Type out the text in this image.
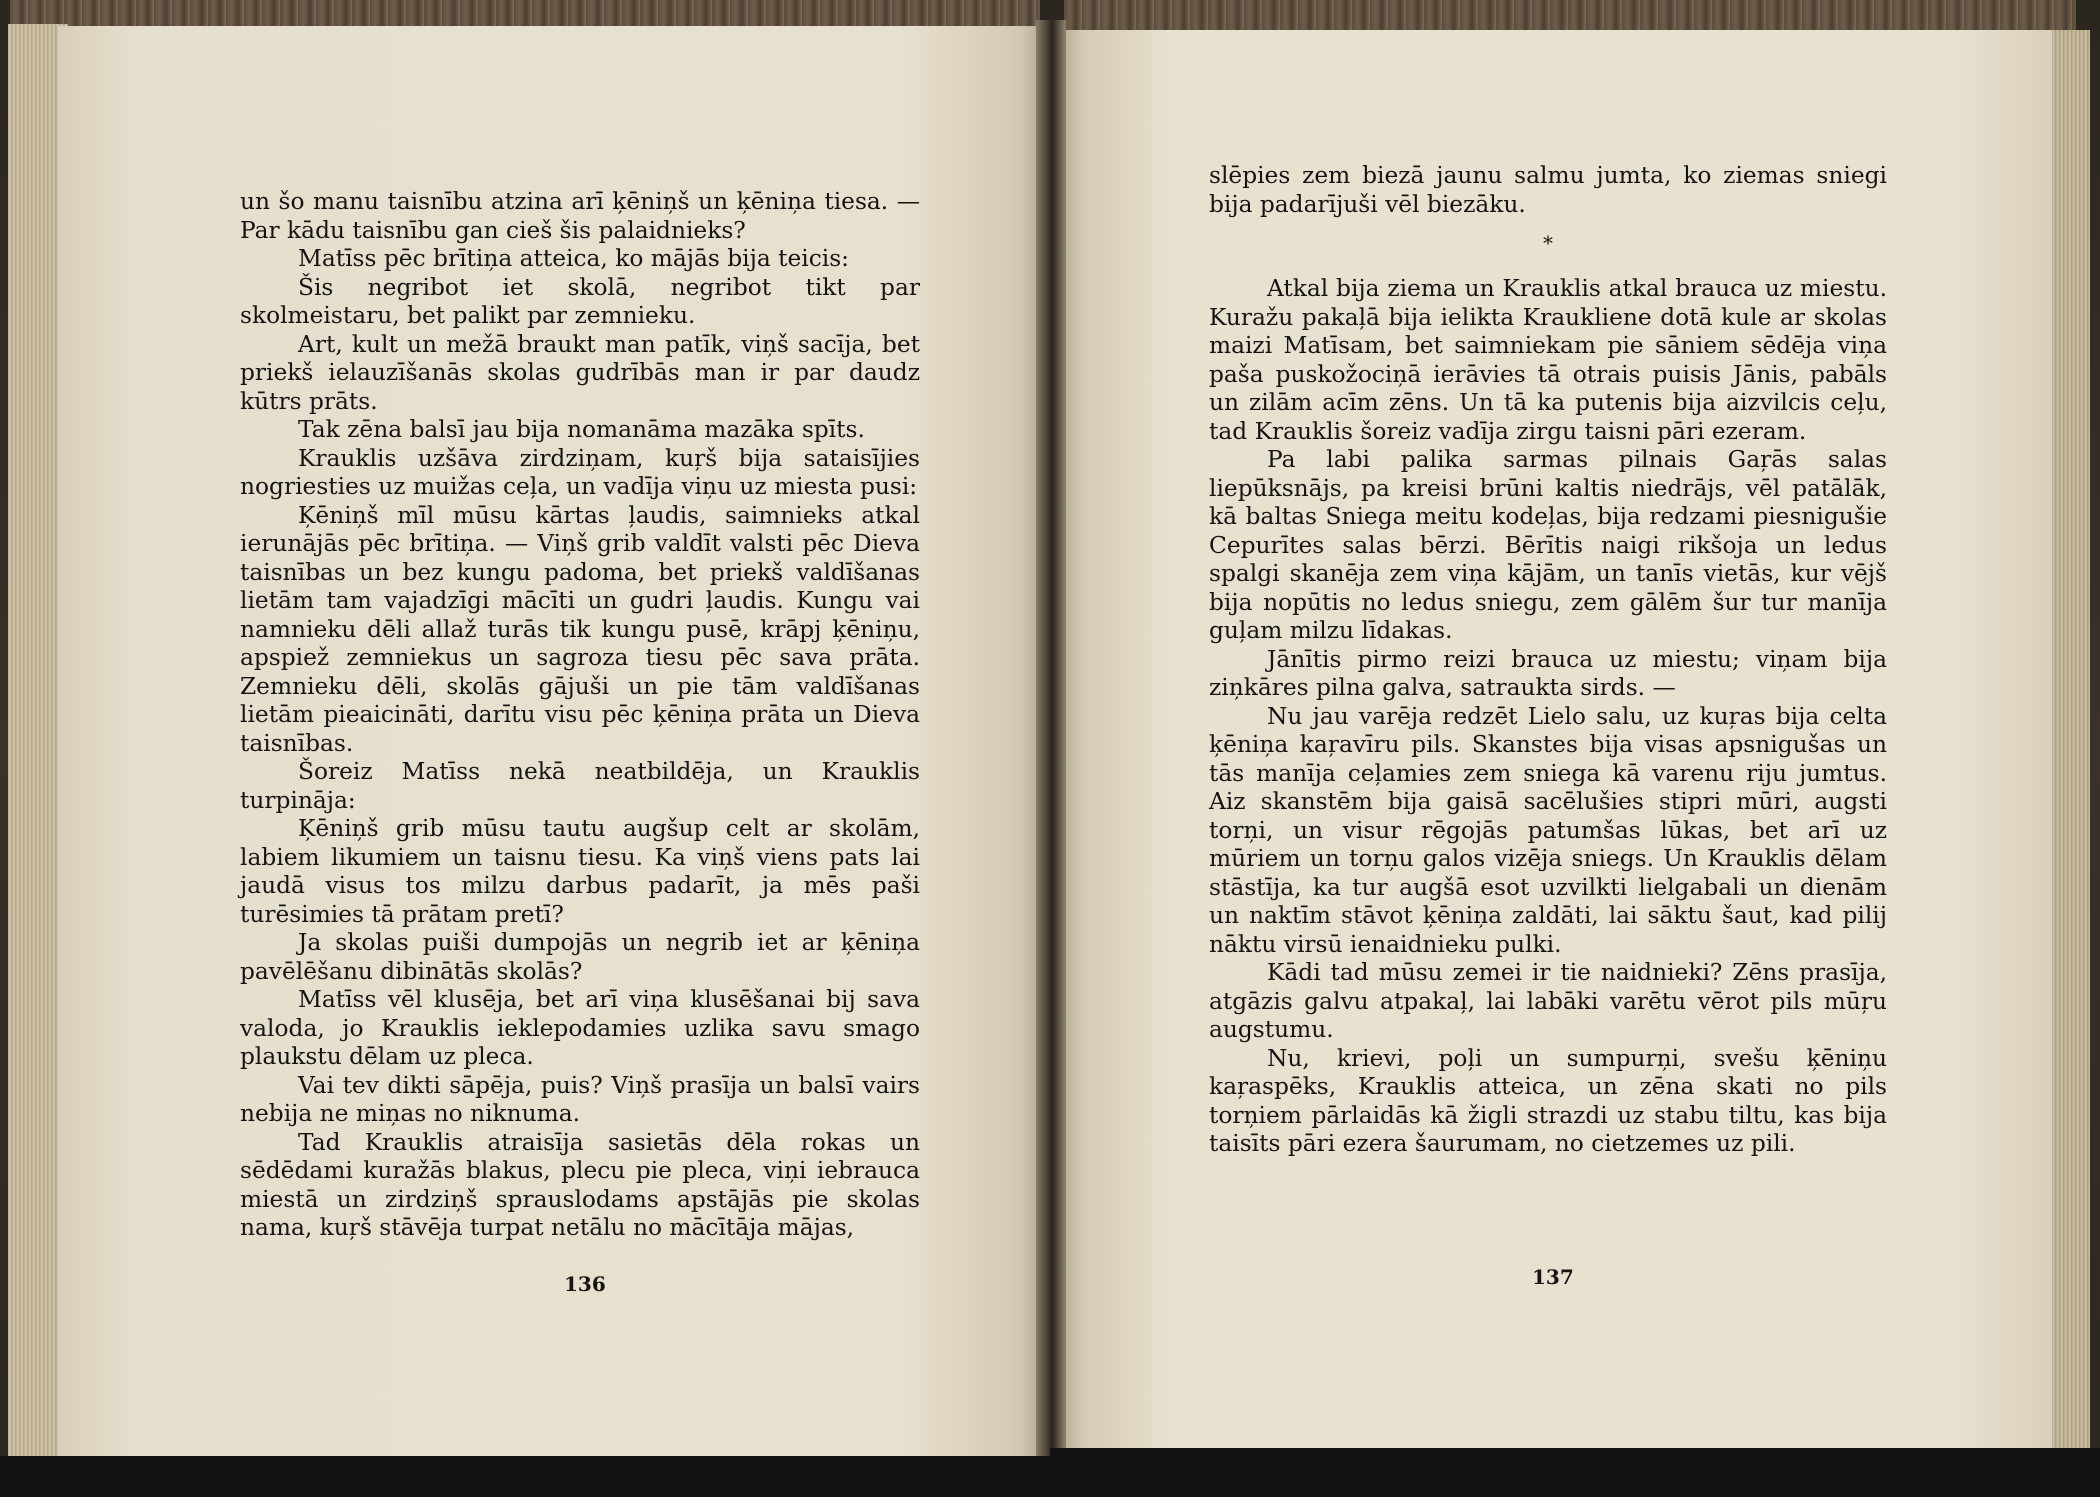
un šo manu taisnību atzina arī ķēniņš un ķēniņa tiesa. — Par kādu taisnību gan cieš šis palaidnieks?

Matīss pēc brītiņa atteica, ko mājās bija teicis:

Šis negribot iet skolā, negribot tikt par skolmeistaru, bet palikt par zemnieku.

Art, kult un mežā braukt man patīk, viņš sacīja, bet priekš ielauzīšanās skolas gudrībās man ir par daudz kūtrs prāts.

Tak zēna balsī jau bija nomanāma mazāka spīts.

Krauklis uzšāva zirdziņam, kuŗš bija sataisījies nogriesties uz muižas ceļa, un vadīja viņu uz miesta pusi:

Ķēniņš mīl mūsu kārtas ļaudis, saimnieks atkal ierunājās pēc brītiņa. — Viņš grib valdīt valsti pēc Dieva taisnības un bez kungu padoma, bet priekš valdīšanas lietām tam vajadzīgi mācīti un gudri ļaudis. Kungu vai namnieku dēli allaž turās tik kungu pusē, krāpj ķēniņu, apspiež zemniekus un sagroza tiesu pēc sava prāta. Zemnieku dēli, skolās gājuši un pie tām valdīšanas lietām pieaicināti, darītu visu pēc ķēniņa prāta un Dieva taisnības.

Šoreiz Matīss nekā neatbildēja, un Krauklis turpināja:

Ķēniņš grib mūsu tautu augšup celt ar skolām, labiem likumiem un taisnu tiesu. Ka viņš viens pats lai jaudā visus tos milzu darbus padarīt, ja mēs paši turēsimies tā prātam pretī?

Ja skolas puiši dumpojās un negrib iet ar ķēniņa pavēlēšanu dibinātās skolās?

Matīss vēl klusēja, bet arī viņa klusēšanai bij sava valoda, jo Krauklis ieklepodamies uzlika savu smago plaukstu dēlam uz pleca.

Vai tev dikti sāpēja, puis? Viņš prasīja un balsī vairs nebija ne miņas no niknuma.

Tad Krauklis atraisīja sasietās dēla rokas un sēdēdami kuražās blakus, plecu pie pleca, viņi iebrauca miestā un zirdziņš sprauslodams apstājās pie skolas nama, kuŗš stāvēja turpat netālu no mācītāja mājas,

136

slēpies zem biezā jaunu salmu jumta, ko ziemas sniegi bija padarījuši vēl biezāku.

*

Atkal bija ziema un Krauklis atkal brauca uz miestu. Kuražu pakaļā bija ielikta Kraukliene dotā kule ar skolas maizi Matīsam, bet saimniekam pie sāniem sēdēja viņa paša puskožociņā ierāvies tā otrais puisis Jānis, pabāls un zilām acīm zēns. Un tā ka putenis bija aizvilcis ceļu, tad Krauklis šoreiz vadīja zirgu taisni pāri ezeram.

Pa labi palika sarmas pilnais Gaŗās salas liepūksnājs, pa kreisi brūni kaltis niedrājs, vēl patālāk, kā baltas Sniega meitu kodeļas, bija redzami piesnigušie Cepurītes salas bērzi. Bērītis naigi rikšoja un ledus spalgi skanēja zem viņa kājām, un tanīs vietās, kur vējš bija nopūtis no ledus sniegu, zem gālēm šur tur manīja guļam milzu līdakas.

Jānītis pirmo reizi brauca uz miestu; viņam bija ziņkāres pilna galva, satraukta sirds. —

Nu jau varēja redzēt Lielo salu, uz kuŗas bija celta ķēniņa kaŗavīru pils. Skanstes bija visas apsnigušas un tās manīja ceļamies zem sniega kā varenu riju jumtus. Aiz skanstēm bija gaisā sacēlušies stipri mūri, augsti torņi, un visur rēgojās patumšas lūkas, bet arī uz mūriem un torņu galos vizēja sniegs. Un Krauklis dēlam stāstīja, ka tur augšā esot uzvilkti lielgabali un dienām un naktīm stāvot ķēniņa zaldāti, lai sāktu šaut, kad pilij nāktu virsū ienaidnieku pulki.

Kādi tad mūsu zemei ir tie naidnieki? Zēns prasīja, atgāzis galvu atpakaļ, lai labāki varētu vērot pils mūŗu augstumu.

Nu, krievi, poļi un sumpurņi, svešu ķēniņu kaŗaspēks, Krauklis atteica, un zēna skati no pils torņiem pārlaidās kā žigli strazdi uz stabu tiltu, kas bija taisīts pāri ezera šaurumam, no cietzemes uz pili.

137
